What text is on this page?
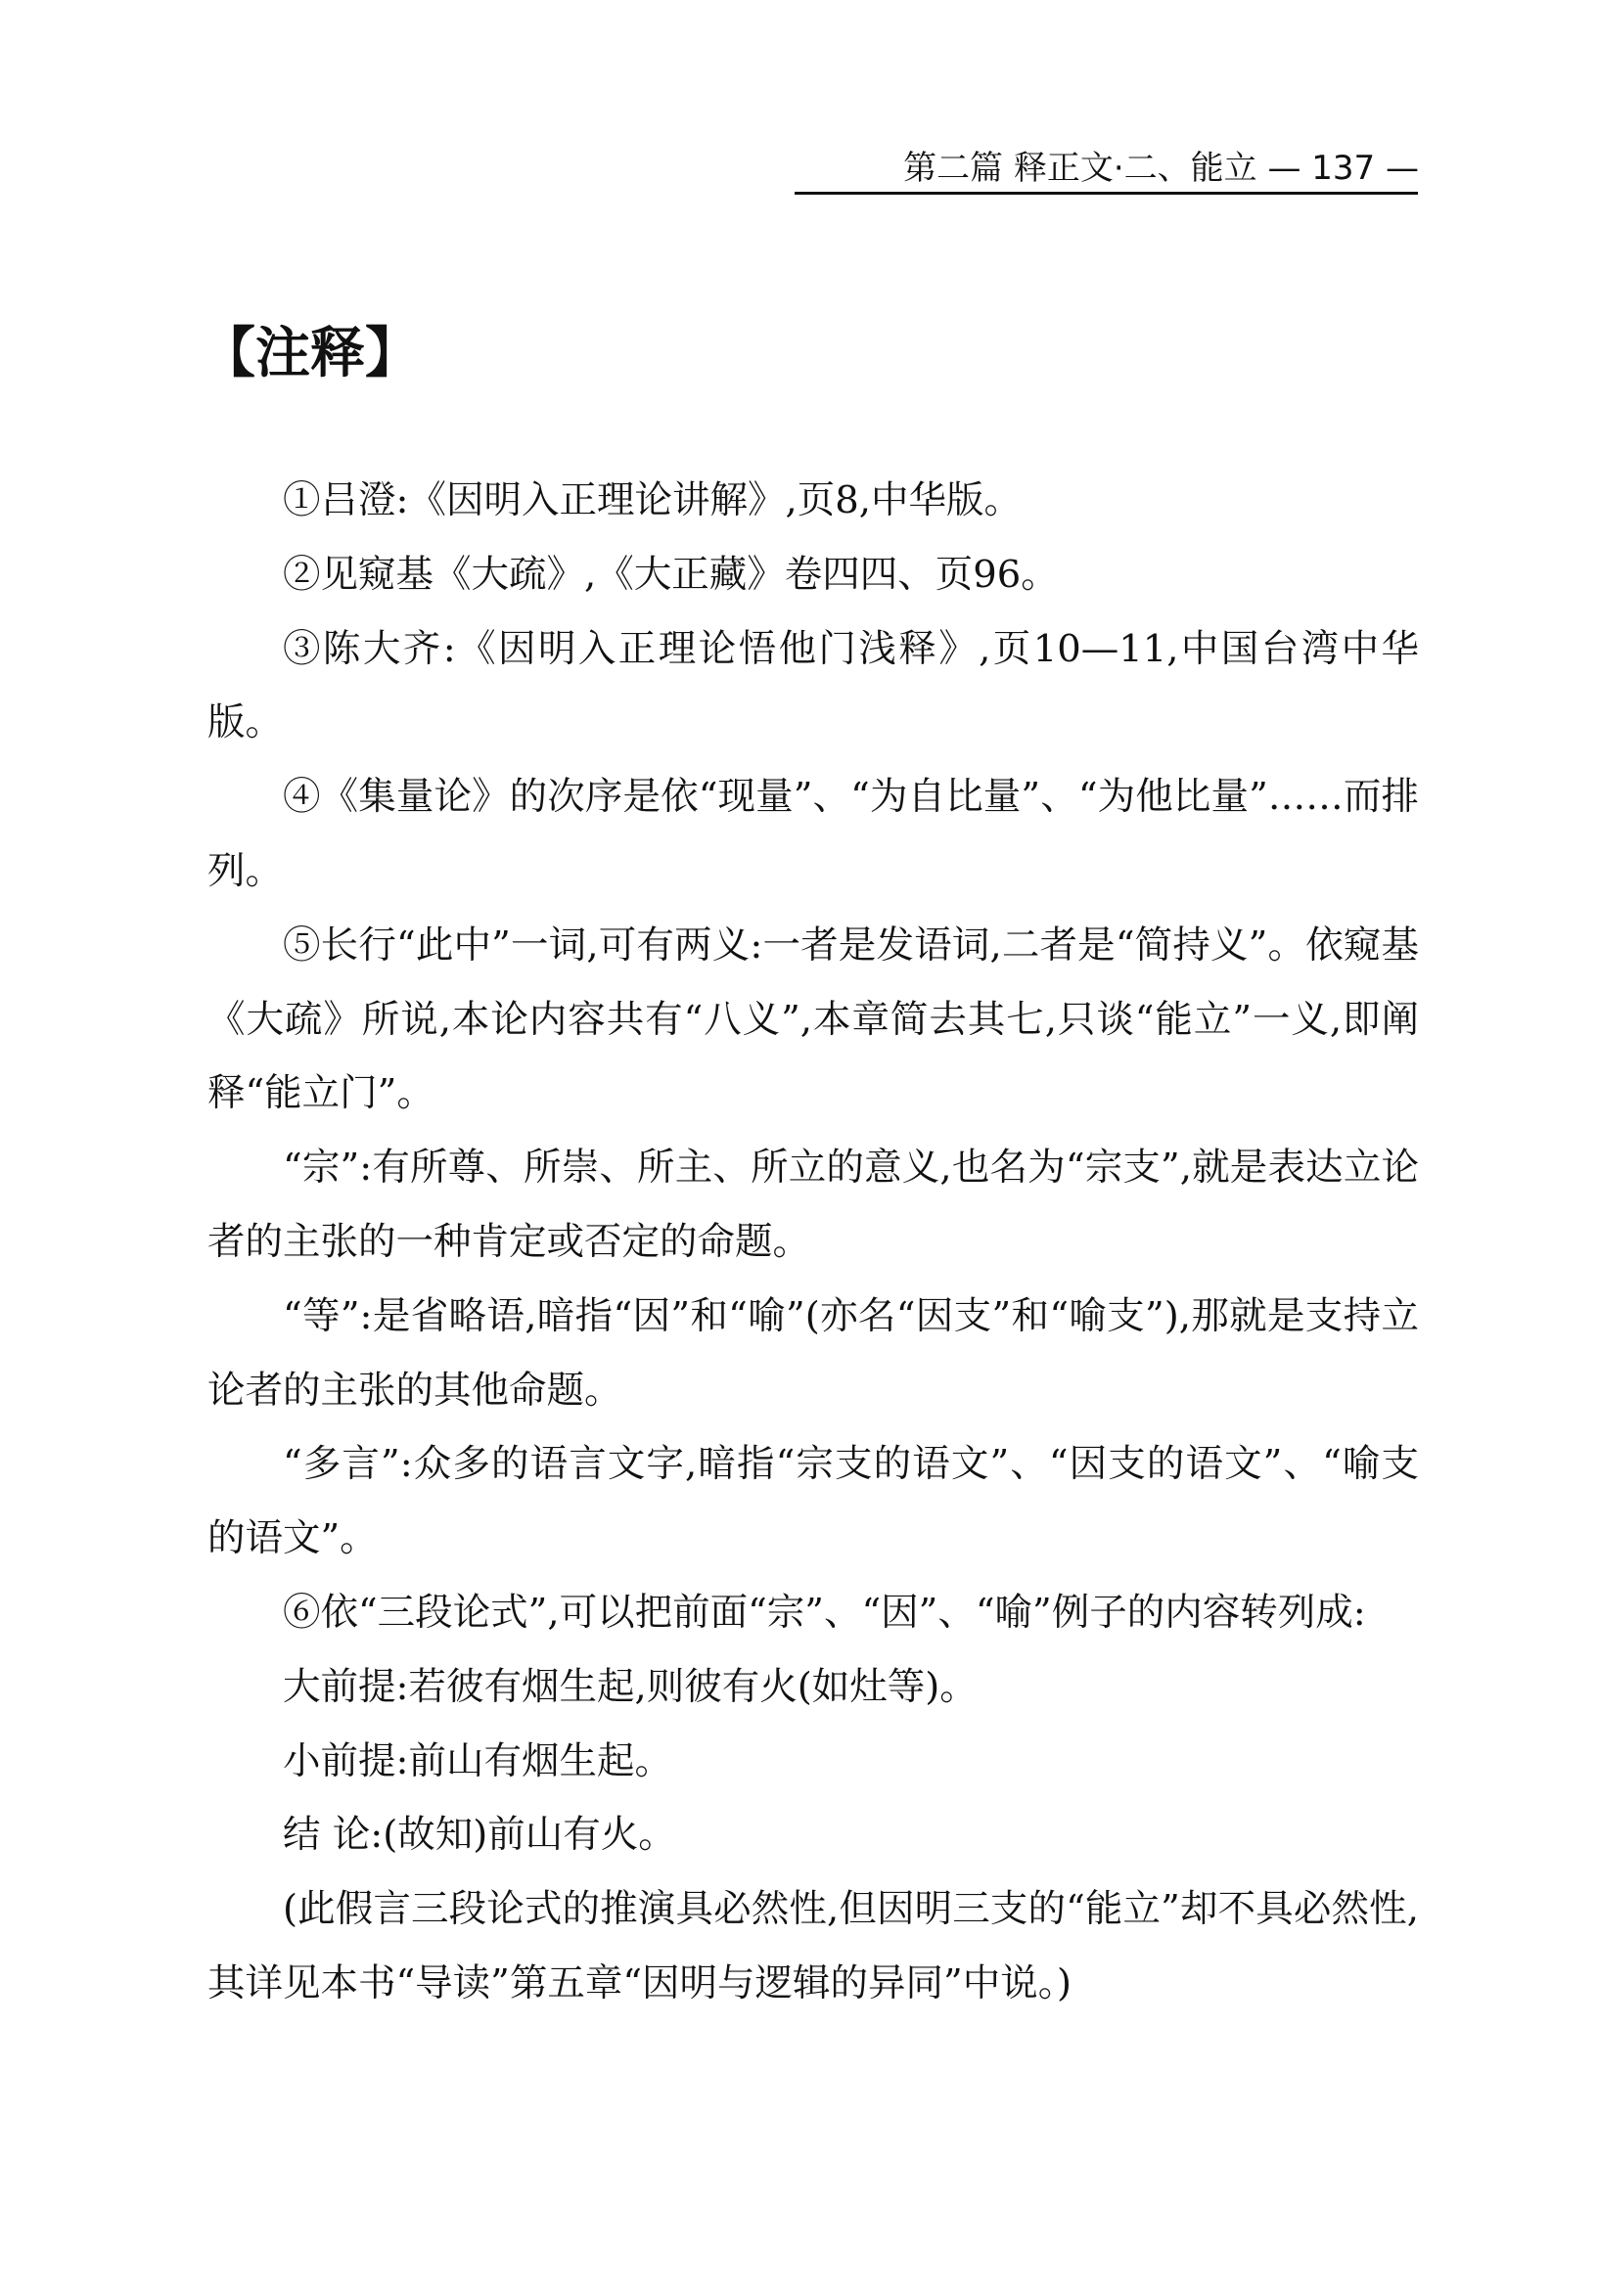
第二篇 释正文·二、能立 — 137 —
【注释】

①吕澄:《因明入正理论讲解》,页8,中华版。

②见窥基《大疏》,《大正藏》卷四四、页96。

③陈大齐:《因明入正理论悟他门浅释》,页10—11,中国台湾中华版。

④《集量论》的次序是依“现量”、“为自比量”、“为他比量”……而排列。

⑤长行“此中”一词,可有两义:一者是发语词,二者是“简持义”。依窥基《大疏》所说,本论内容共有“八义”,本章简去其七,只谈“能立”一义,即阐释“能立门”。

“宗”:有所尊、所崇、所主、所立的意义,也名为“宗支”,就是表达立论者的主张的一种肯定或否定的命题。

“等”:是省略语,暗指“因”和“喻”(亦名“因支”和“喻支”),那就是支持立论者的主张的其他命题。

“多言”:众多的语言文字,暗指“宗支的语文”、“因支的语文”、“喻支的语文”。

⑥依“三段论式”,可以把前面“宗”、“因”、“喻”例子的内容转列成:

大前提:若彼有烟生起,则彼有火(如灶等)。

小前提:前山有烟生起。

结 论:(故知)前山有火。

(此假言三段论式的推演具必然性,但因明三支的“能立”却不具必然性,其详见本书“导读”第五章“因明与逻辑的异同”中说。)
